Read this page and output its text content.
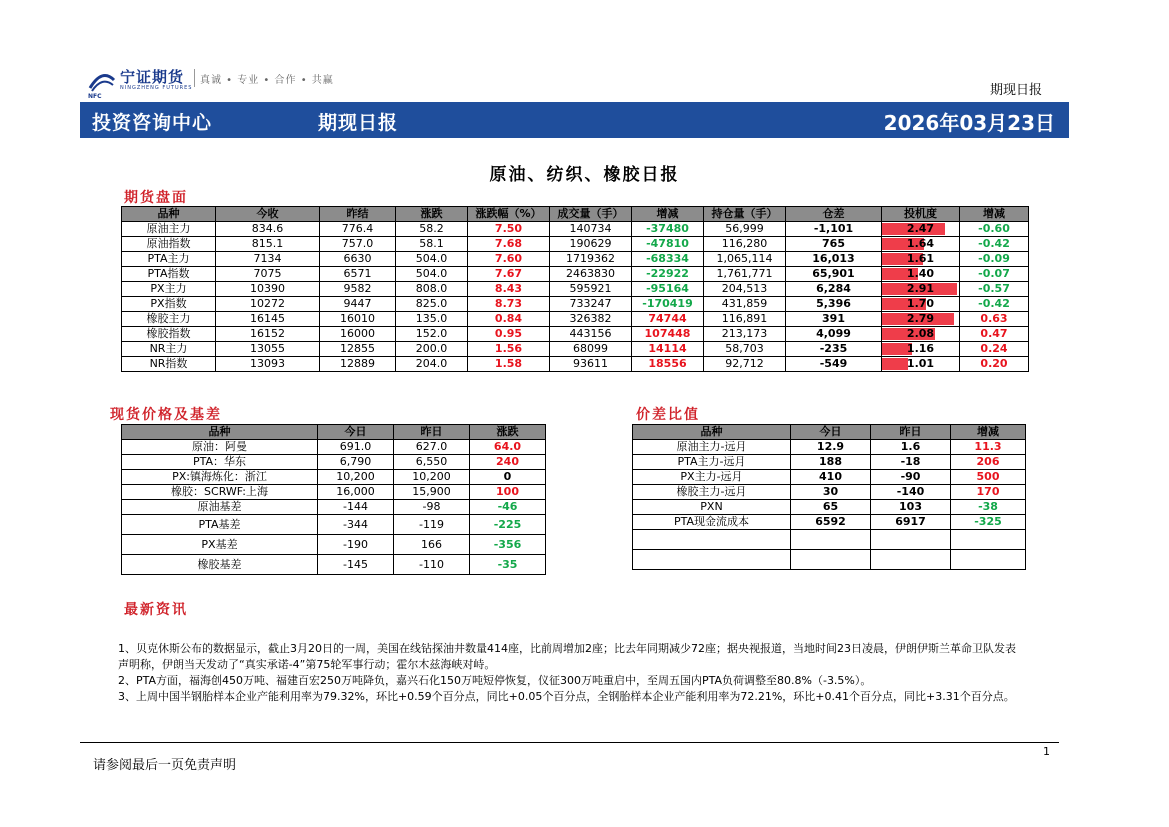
宁证期货
NINGZHENG FUTURES
真诚 • 专业 • 合作 • 共赢
NFC	期现日报
投资咨询中心	期现日报	2026年03月23日
原油、纺织、橡胶日报
期货盘面
品种	今收	昨结	涨跌	涨跌幅（%）	成交量（手）	增减	持仓量（手）	仓差	投机度	增减
原油主力	834.6	776.4	58.2	7.50	140734	-37480	56,999	-1,101	2.47	-0.60
原油指数	815.1	757.0	58.1	7.68	190629	-47810	116,280	765	1.64	-0.42
PTA主力	7134	6630	504.0	7.60	1719362	-68334	1,065,114	16,013	1.61	-0.09
PTA指数	7075	6571	504.0	7.67	2463830	-22922	1,761,771	65,901	1.40	-0.07
PX主力	10390	9582	808.0	8.43	595921	-95164	204,513	6,284	2.91	-0.57
PX指数	10272	9447	825.0	8.73	733247	-170419	431,859	5,396	1.70	-0.42
橡胶主力	16145	16010	135.0	0.84	326382	74744	116,891	391	2.79	0.63
橡胶指数	16152	16000	152.0	0.95	443156	107448	213,173	4,099	2.08	0.47
NR主力	13055	12855	200.0	1.56	68099	14114	58,703	-235	1.16	0.24
NR指数	13093	12889	204.0	1.58	93611	18556	92,712	-549	1.01	0.20
现货价格及基差
品种	今日	昨日	涨跌
原油：阿曼	691.0	627.0	64.0
PTA：华东	6,790	6,550	240
PX:镇海炼化：浙江	10,200	10,200	0
橡胶：SCRWF:上海	16,000	15,900	100
原油基差	-144	-98	-46
PTA基差	-344	-119	-225
PX基差	-190	166	-356
橡胶基差	-145	-110	-35
价差比值
品种	今日	昨日	增减
原油主力-远月	12.9	1.6	11.3
PTA主力-远月	188	-18	206
PX主力-远月	410	-90	500
橡胶主力-远月	30	-140	170
PXN	65	103	-38
PTA现金流成本	6592	6917	-325

最新资讯

1、贝克休斯公布的数据显示，截止3月20日的一周，美国在线钻探油井数量414座，比前周增加2座；比去年同期减少72座；据央视报道，当地时间23日凌晨，伊朗伊斯兰革命卫队发表声明称，伊朗当天发动了“真实承诺-4”第75轮军事行动；霍尔木兹海峡对峙。

2、PTA方面，福海创450万吨、福建百宏250万吨降负，嘉兴石化150万吨短停恢复，仪征300万吨重启中，至周五国内PTA负荷调整至80.8%（-3.5%）。

3、上周中国半钢胎样本企业产能利用率为79.32%，环比+0.59个百分点，同比+0.05个百分点，全钢胎样本企业产能利用率为72.21%，环比+0.41个百分点，同比+3.31个百分点。

1
请参阅最后一页免责声明
